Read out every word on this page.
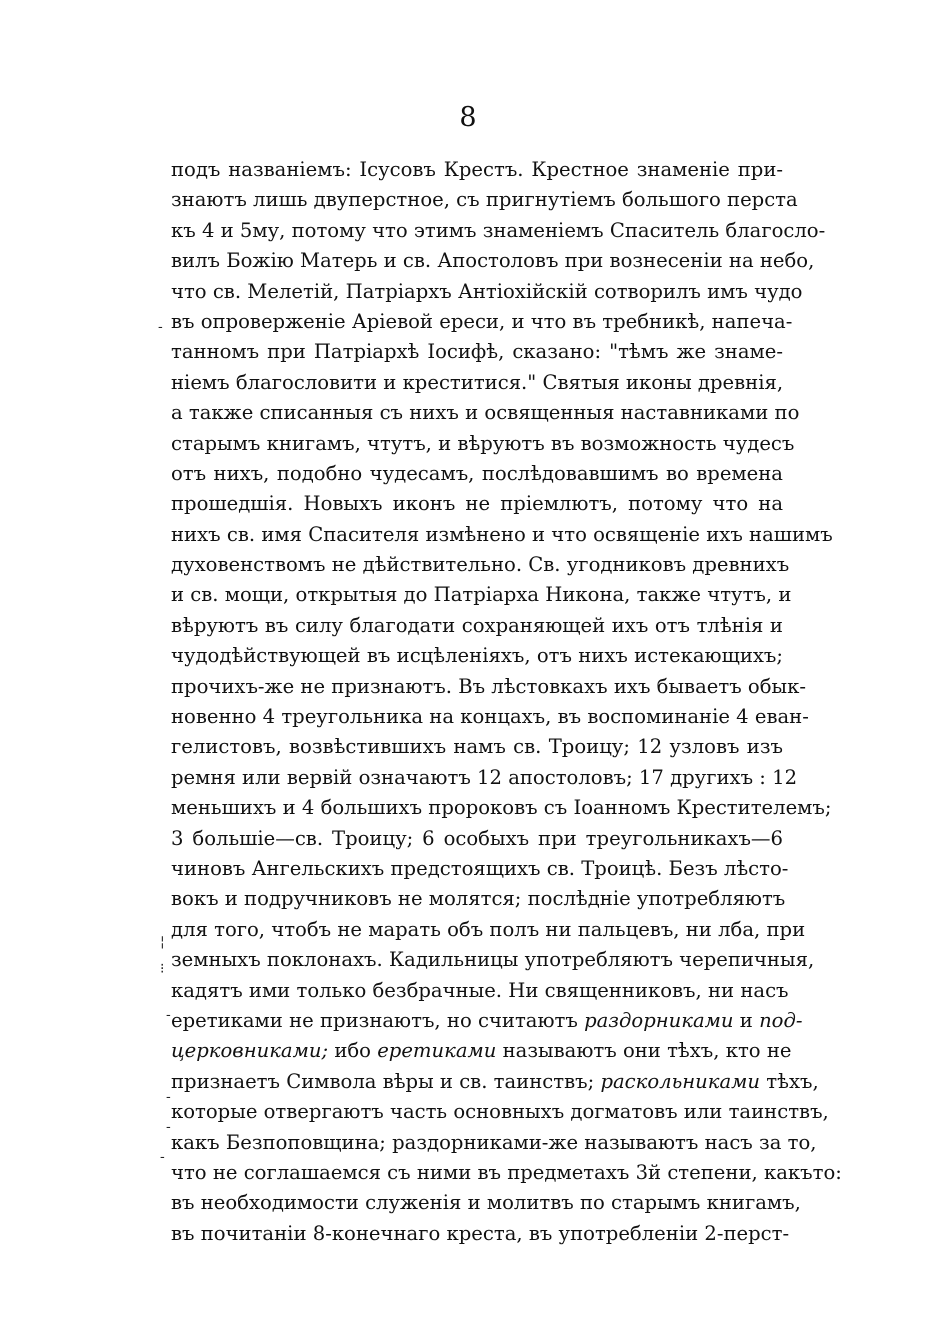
8
подъ названіемъ: Ісусовъ Крестъ. Крестное знаменіе при-
знаютъ лишь двуперстное, съ пригнутіемъ большого перста
къ 4 и 5му, потому что этимъ знаменіемъ Спаситель благосло-
вилъ Божію Матерь и св. Апостоловъ при вознесеніи на небо,
что св. Мелетій, Патріархъ Антіохійскій сотворилъ имъ чудо
въ опроверженіе Аріевой ереси, и что въ требникѣ, напеча-
танномъ при Патріархѣ Іосифѣ, сказано: "тѣмъ же знаме-
ніемъ благословити и креститися." Святыя иконы древнія,
а также списанныя съ нихъ и освященныя наставниками по
старымъ книгамъ, чтутъ, и вѣруютъ въ возможность чудесъ
отъ нихъ, подобно чудесамъ, послѣдовавшимъ во времена
прошедшія. Новыхъ иконъ не пріемлютъ, потому что на
нихъ св. имя Спасителя измѣнено и что освященіе ихъ нашимъ
духовенствомъ не дѣйствительно. Св. угодниковъ древнихъ
и св. мощи, открытыя до Патріарха Никона, также чтутъ, и
вѣруютъ въ силу благодати сохраняющей ихъ отъ тлѣнія и
чудодѣйствующей въ исцѣленіяхъ, отъ нихъ истекающихъ;
прочихъ-же не признаютъ. Въ лѣстовкахъ ихъ бываетъ обык-
новенно 4 треугольника на концахъ, въ воспоминаніе 4 еван-
гелистовъ, возвѣстившихъ намъ св. Троицу; 12 узловъ изъ
ремня или вервій означаютъ 12 апостоловъ; 17 другихъ : 12
меньшихъ и 4 большихъ пророковъ съ Іоанномъ Крестителемъ;
3 большіе—св. Троицу; 6 особыхъ при треугольникахъ—6
чиновъ Ангельскихъ предстоящихъ св. Троицѣ. Безъ лѣсто-
вокъ и подручниковъ не молятся; послѣдніе употребляютъ
для того, чтобъ не марать объ полъ ни пальцевъ, ни лба, при
земныхъ поклонахъ. Кадильницы употребляютъ черепичныя,
кадятъ ими только безбрачные. Ни священниковъ, ни насъ
еретиками не признаютъ, но считаютъ раздорниками и под-
церковниками; ибо еретиками называютъ они тѣхъ, кто не
признаетъ Символа вѣры и св. таинствъ; раскольниками тѣхъ,
которые отвергаютъ часть основныхъ догматовъ или таинствъ,
какъ Безпоповщина; раздорниками-же называютъ насъ за то,
что не соглашаемся съ ними въ предметахъ 3й степени, какъто:
въ необходимости служенія и молитвъ по старымъ книгамъ,
въ почитаніи 8-конечнаго креста, въ употребленіи 2-перст-
-
¦
⁝
-
-
-
-
